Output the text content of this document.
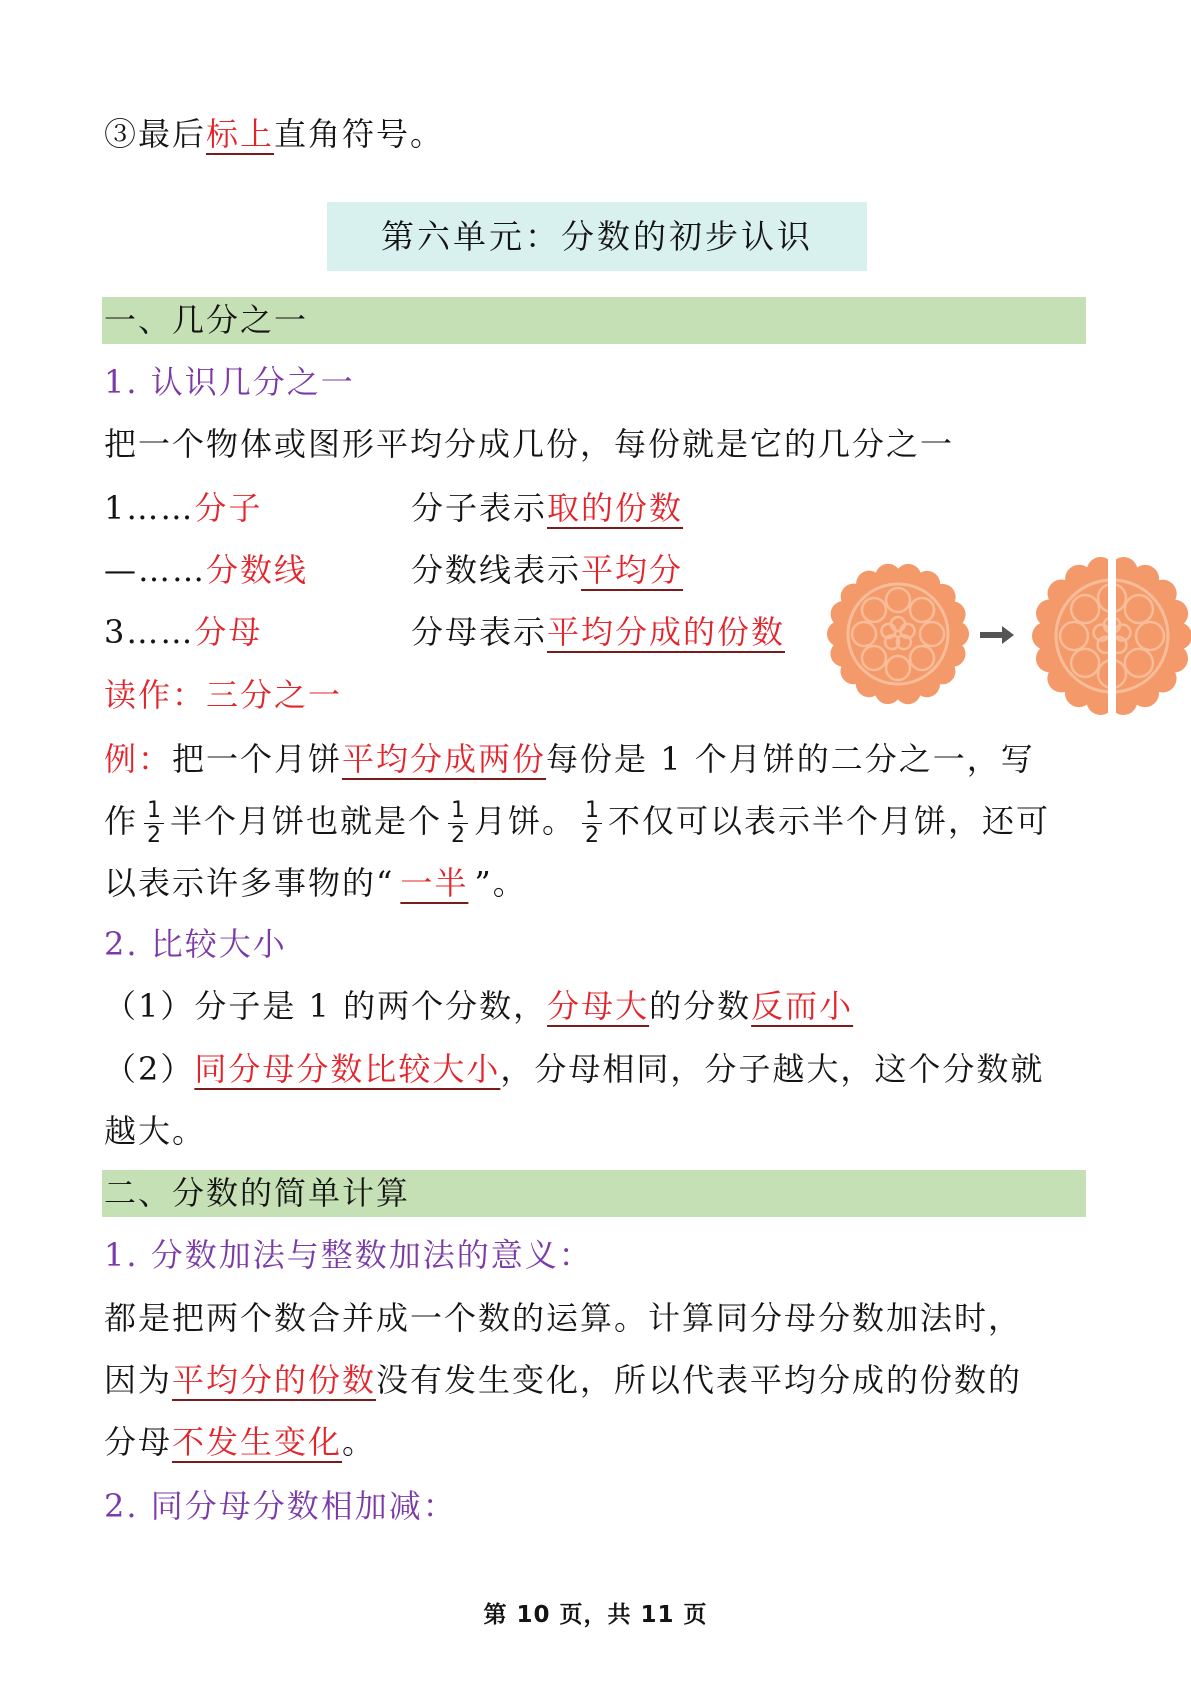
③最后标上直角符号。
第六单元：分数的初步认识
一、几分之一
1. 认识几分之一
把一个物体或图形平均分成几份，每份就是它的几分之一
1……分子	分子表示取的份数
—……分数线	分数线表示平均分
3……分母	分母表示平均分成的份数
读作：三分之一
例：把一个月饼平均分成两份每份是 1 个月饼的二分之一，写
作 $\frac{1}{2}$ 半个月饼也就是个 $\frac{1}{2}$ 月饼。 $\frac{1}{2}$ 不仅可以表示半个月饼，还可
以表示许多事物的“ 一半 ”。
2. 比较大小
（1）分子是 1 的两个分数，分母大的分数反而小
（2）同分母分数比较大小，分母相同，分子越大，这个分数就
越大。
二、分数的简单计算
1. 分数加法与整数加法的意义：
都是把两个数合并成一个数的运算。计算同分母分数加法时，
因为平均分的份数没有发生变化，所以代表平均分成的份数的
分母不发生变化。
2. 同分母分数相加减：
第 10 页，共 11 页
